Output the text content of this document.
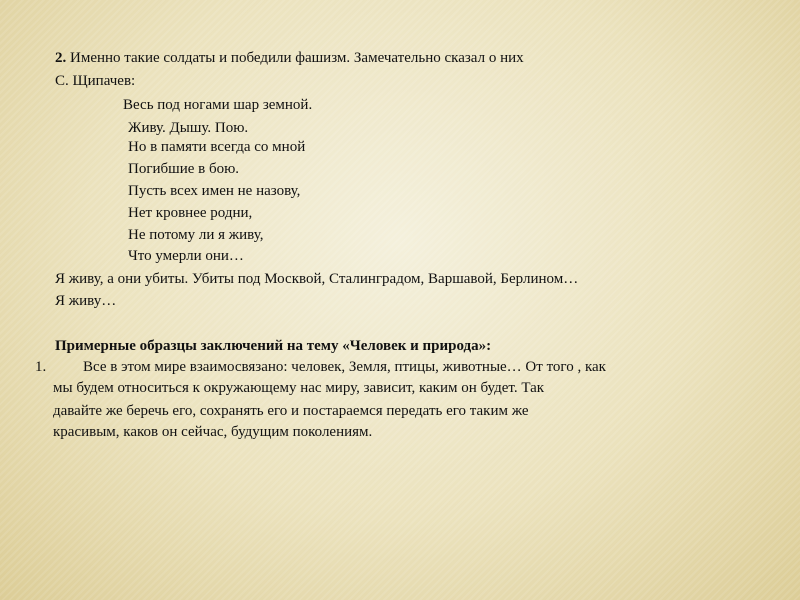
2. Именно такие солдаты и победили фашизм. Замечательно сказал о них
С. Щипачев:
Весь под ногами шар земной.
Живу. Дышу. Пою.
Но в памяти всегда со мной
Погибшие в бою.
Пусть всех имен не назову,
Нет кровнее родни,
Не потому ли я живу,
Что умерли они…
Я живу, а они убиты. Убиты под Москвой, Сталинградом, Варшавой, Берлином…
Я живу…
Примерные образцы заключений на тему «Человек и природа»:
1. Все в этом мире взаимосвязано: человек, Земля, птицы, животные… От того , как
мы будем относиться к окружающему нас миру, зависит, каким он будет. Так
давайте же беречь его, сохранять его и постараемся передать его таким же
красивым, каков он сейчас, будущим поколениям.
